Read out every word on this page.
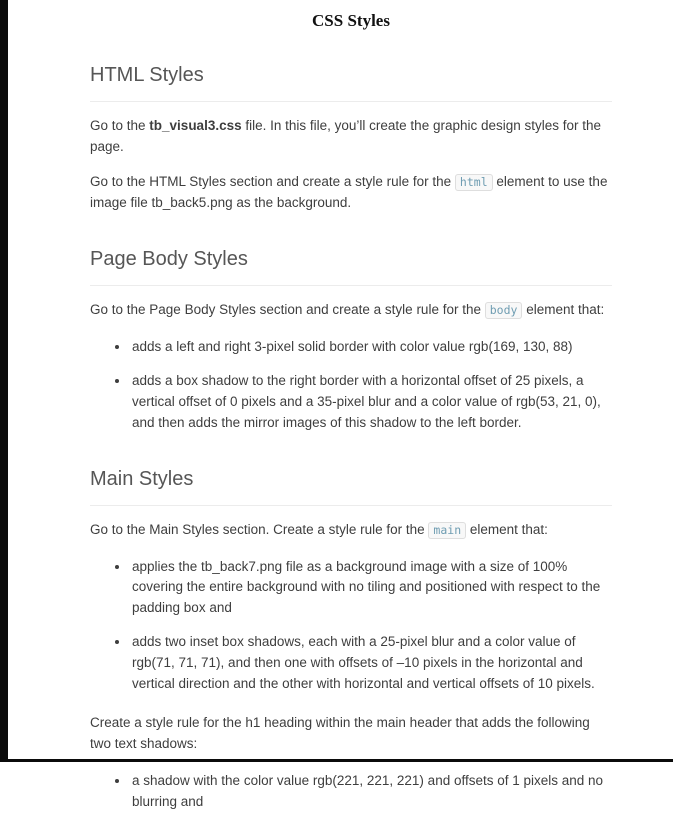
CSS Styles
HTML Styles

Go to the tb_visual3.css file. In this file, you’ll create the graphic design styles for the page.

Go to the HTML Styles section and create a style rule for the html element to use the image file tb_back5.png as the background.

Page Body Styles

Go to the Page Body Styles section and create a style rule for the body element that:

• adds a left and right 3-pixel solid border with color value rgb(169, 130, 88)
• adds a box shadow to the right border with a horizontal offset of 25 pixels, a vertical offset of 0 pixels and a 35-pixel blur and a color value of rgb(53, 21, 0), and then adds the mirror images of this shadow to the left border.
Main Styles

Go to the Main Styles section. Create a style rule for the main element that:

• applies the tb_back7.png file as a background image with a size of 100% covering the entire background with no tiling and positioned with respect to the padding box and
• adds two inset box shadows, each with a 25-pixel blur and a color value of rgb(71, 71, 71), and then one with offsets of –10 pixels in the horizontal and vertical direction and the other with horizontal and vertical offsets of 10 pixels.

Create a style rule for the h1 heading within the main header that adds the following two text shadows:

• a shadow with the color value rgb(221, 221, 221) and offsets of 1 pixels and no blurring and
